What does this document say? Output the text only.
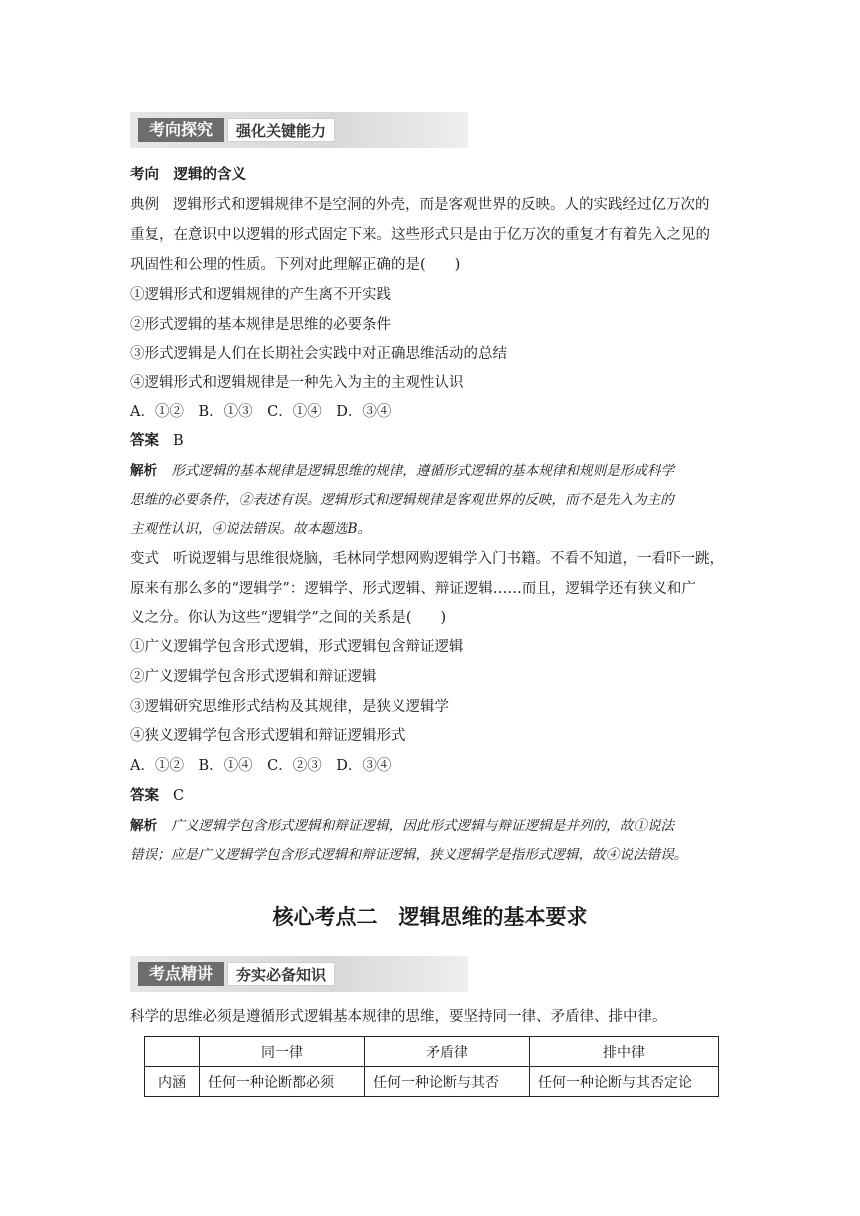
考向探究	强化关键能力
考向　逻辑的含义
典例 逻辑形式和逻辑规律不是空洞的外壳，而是客观世界的反映。人的实践经过亿万次的
重复，在意识中以逻辑的形式固定下来。这些形式只是由于亿万次的重复才有着先入之见的
巩固性和公理的性质。下列对此理解正确的是(　　)
①逻辑形式和逻辑规律的产生离不开实践
②形式逻辑的基本规律是思维的必要条件
③形式逻辑是人们在长期社会实践中对正确思维活动的总结
④逻辑形式和逻辑规律是一种先入为主的主观性认识
A．①②　B．①③　C．①④　D．③④
答案 B
解析 形式逻辑的基本规律是逻辑思维的规律，遵循形式逻辑的基本规律和规则是形成科学
思维的必要条件，②表述有误。逻辑形式和逻辑规律是客观世界的反映，而不是先入为主的
主观性认识，④说法错误。故本题选B。
变式 听说逻辑与思维很烧脑，毛林同学想网购逻辑学入门书籍。不看不知道，一看吓一跳，
原来有那么多的“逻辑学”：逻辑学、形式逻辑、辩证逻辑……而且，逻辑学还有狭义和广
义之分。你认为这些“逻辑学”之间的关系是(　　)
①广义逻辑学包含形式逻辑，形式逻辑包含辩证逻辑
②广义逻辑学包含形式逻辑和辩证逻辑
③逻辑研究思维形式结构及其规律，是狭义逻辑学
④狭义逻辑学包含形式逻辑和辩证逻辑形式
A．①②　B．①④　C．②③　D．③④
答案 C
解析 广义逻辑学包含形式逻辑和辩证逻辑，因此形式逻辑与辩证逻辑是并列的，故①说法
错误；应是广义逻辑学包含形式逻辑和辩证逻辑，狭义逻辑学是指形式逻辑，故④说法错误。
核心考点二　逻辑思维的基本要求
考点精讲	夯实必备知识
科学的思维必须是遵循形式逻辑基本规律的思维，要坚持同一律、矛盾律、排中律。
	同一律	矛盾律	排中律
内涵	任何一种论断都必须	任何一种论断与其否	任何一种论断与其否定论
